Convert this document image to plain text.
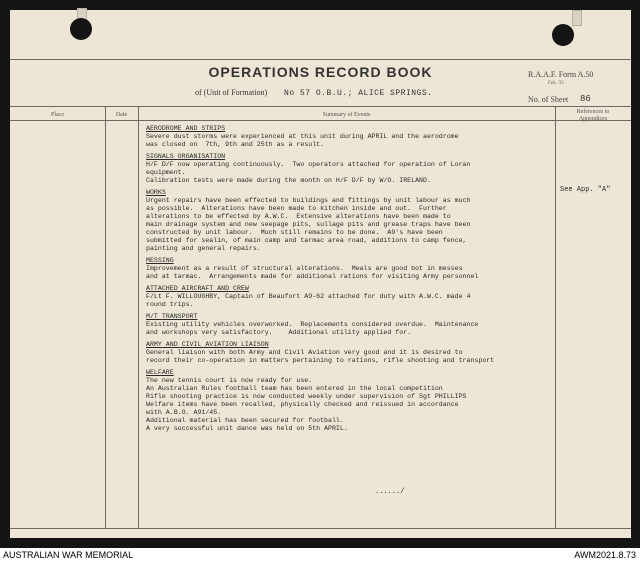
OPERATIONS RECORD BOOK
of (Unit of Formation) No 57 O.B.U.; ALICE SPRINGS.
R.A.A.F. Form A.50
Feb. '35
No. of Sheet 86
Place	Date	Summary of Events	References to
Appendices
AERODROME AND STRIPS
Severe dust storms were experienced at this unit during APRIL and the aerodrome
was closed on  7th, 9th and 25th as a result.
SIGNALS ORGANISATION
H/F D/F now operating continuously.  Two operators attached for operation of Loran
equipment.
Calibration tests were made during the month on H/F D/F by W/O. IRELAND.
WORKS
Urgent repairs have been effected to buildings and fittings by unit labour as much
as possible.  Alterations have been made to kitchen inside and out.  Further
alterations to be effected by A.W.C.  Extensive alterations have been made to
main drainage system and new seepage pits, sullage pits and grease traps have been
constructed by unit labour.  Much still remains to be done.  A9's have been
submitted for sealin, of main camp and tarmac area road, additions to camp fence,
painting and general repairs.
MESSING
Improvement as a result of structural alterations.  Meals are good bot in messes
and at tarmac.  Arrangements made for additional rations for visiting Army personnel
ATTACHED AIRCRAFT AND CREW
F/Lt F. WILLOUGHBY, Captain of Beaufort A9-62 attached for duty with A.W.C. made 4
round trips.
M/T TRANSPORT
Existing utility vehicles overworked.  Replacements considered overdue.  Maintenance
and workshops very satisfactory.    Additional utility applied for.
ARMY AND CIVIL AVIATION LIAISON
General liaison with both Army and Civil Aviation very good and it is desired to
record their co-operation in matters pertaining to rations, rifle shooting and transport
WELFARE
The new tennis court is now ready for use.
An Australian Rules football team has been entered in the local competition
Rifle shooting practice is now conducted weekly under supervision of Sgt PHILLIPS
Welfare items have been recalled, physically checked and reissued in accordance
with A.B.O. A91/45.
Additional material has been secured for football.
A very successful unit dance was held on 5th APRIL.
See App. "A"
....../
AUSTRALIAN WAR MEMORIAL	AWM2021.8.73
